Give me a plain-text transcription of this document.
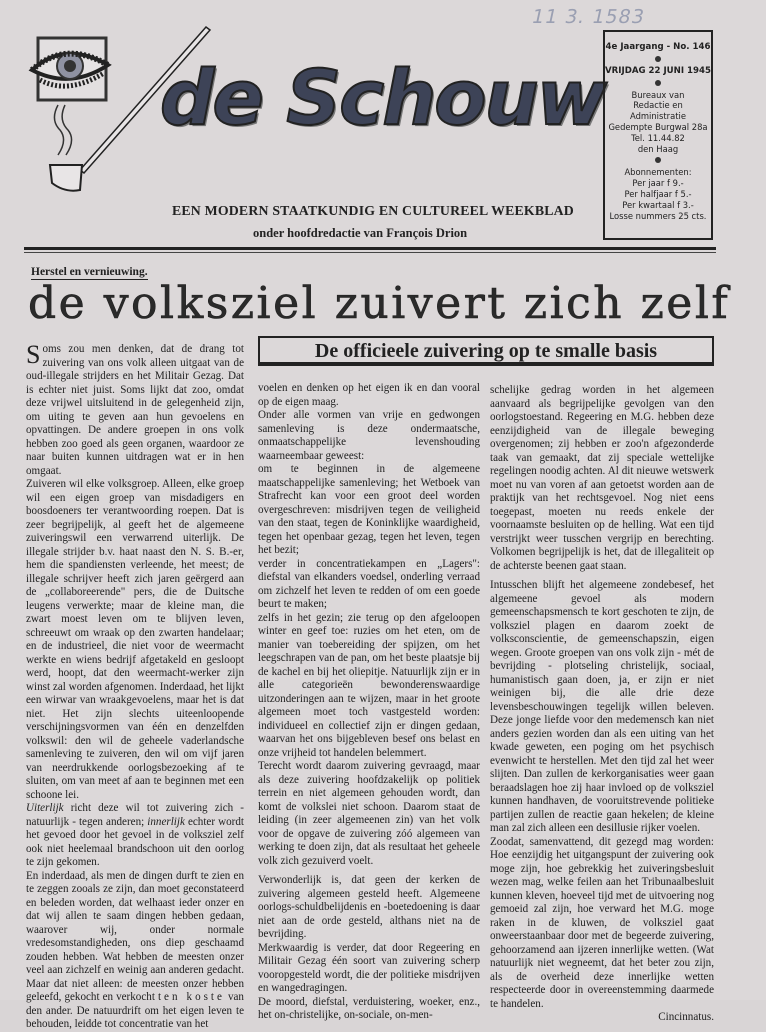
11 3. 1583
de Schouw
EEN MODERN STAATKUNDIG EN CULTUREEL WEEKBLAD
onder hoofdredactie van François Drion
4e Jaargang - No. 146
VRIJDAG 22 JUNI 1945
Bureaux van
Redactie en Administratie
Gedempte Burgwal 28a
Tel. 11.44.82
den Haag
Abonnementen:
Per jaar f 9.-
Per halfjaar f 5.-
Per kwartaal f 3.-
Losse nummers 25 cts.
Herstel en vernieuwing.
de volksziel zuivert zich zelf
De officieele zuivering op te smalle basis

Soms zou men denken, dat de drang tot zuivering van ons volk alleen uitgaat van de oud-illegale strijders en het Militair Gezag. Dat is echter niet juist. Soms lijkt dat zoo, omdat deze vrijwel uitsluitend in de gelegenheid zijn, om uiting te geven aan hun gevoelens en opvattingen. De andere groepen in ons volk hebben zoo goed als geen organen, waardoor ze naar buiten kunnen uitdragen wat er in hen omgaat.

Zuiveren wil elke volksgroep. Alleen, elke groep wil een eigen groep van misdadigers en boosdoeners ter verantwoording roepen. Dat is zeer begrijpelijk, al geeft het de algemeene zuiveringswil een verwarrend uiterlijk. De illegale strijder b.v. haat naast den N. S. B.-er, hem die spandiensten verleende, het meest; de illegale schrijver heeft zich jaren geërgerd aan de „collaboreerende" pers, die de Duitsche leugens verwerkte; maar de kleine man, die zwart moest leven om te blijven leven, schreeuwt om wraak op den zwarten handelaar; en de industrieel, die niet voor de weermacht werkte en wiens bedrijf afgetakeld en gesloopt werd, hoopt, dat den weermacht-werker zijn winst zal worden afgenomen. Inderdaad, het lijkt een wirwar van wraakgevoelens, maar het is dat niet. Het zijn slechts uiteenloopende verschijningsvormen van één en denzelfden volkswil: den wil de geheele vaderlandsche samenleving te zuiveren, den wil om vijf jaren van neerdrukkende oorlogsbezoeking af te sluiten, om van meet af aan te beginnen met een schoone lei.

Uiterlijk richt deze wil tot zuivering zich - natuurlijk - tegen anderen; innerlijk echter wordt het gevoed door het gevoel in de volksziel zelf ook niet heelemaal brandschoon uit den oorlog te zijn gekomen.

En inderdaad, als men de dingen durft te zien en te zeggen zooals ze zijn, dan moet geconstateerd en beleden worden, dat welhaast ieder onzer en dat wij allen te saam dingen hebben gedaan, waarover wij, onder normale vredesomstandigheden, ons diep geschaamd zouden hebben. Wat hebben de meesten onzer veel aan zichzelf en weinig aan anderen gedacht. Maar dat niet alleen: de meesten onzer hebben geleefd, gekocht en verkocht ten koste van den ander. De natuurdrift om het eigen leven te behouden, leidde tot concentratie van het

voelen en denken op het eigen ik en dan vooral op de eigen maag.

Onder alle vormen van vrije en gedwongen samenleving is deze ondermaatsche, onmaatschappelijke levenshouding waarneembaar geweest:

om te beginnen in de algemeene maatschappelijke samenleving; het Wetboek van Strafrecht kan voor een groot deel worden overgeschreven: misdrijven tegen de veiligheid van den staat, tegen de Koninklijke waardigheid, tegen het openbaar gezag, tegen het leven, tegen het bezit;

verder in concentratiekampen en „Lagers": diefstal van elkanders voedsel, onderling verraad om zichzelf het leven te redden of om een goede beurt te maken;

zelfs in het gezin; zie terug op den afgeloopen winter en geef toe: ruzies om het eten, om de manier van toebereiding der spijzen, om het leegschrapen van de pan, om het beste plaatsje bij de kachel en bij het oliepitje. Natuurlijk zijn er in alle categorieën bewonderenswaardige uitzonderingen aan te wijzen, maar in het groote algemeen moet toch vastgesteld worden: individueel en collectief zijn er dingen gedaan, waarvan het ons bijgebleven besef ons belast en onze vrijheid tot handelen belemmert.

Terecht wordt daarom zuivering gevraagd, maar als deze zuivering hoofdzakelijk op politiek terrein en niet algemeen gehouden wordt, dan komt de volkslei niet schoon. Daarom staat de leiding (in zeer algemeenen zin) van het volk voor de opgave de zuivering zóó algemeen van werking te doen zijn, dat als resultaat het geheele volk zich gezuiverd voelt.

Verwonderlijk is, dat geen der kerken de zuivering algemeen gesteld heeft. Algemeene oorlogs-schuldbelijdenis en -boetedoening is daar niet aan de orde gesteld, althans niet na de bevrijding.

Merkwaardig is verder, dat door Regeering en Militair Gezag één soort van zuivering scherp vooropgesteld wordt, die der politieke misdrijven en wangedragingen.

De moord, diefstal, verduistering, woeker, enz., het on-christelijke, on-sociale, on-men-

schelijke gedrag worden in het algemeen aanvaard als begrijpelijke gevolgen van den oorlogstoestand. Regeering en M.G. hebben deze eenzijdigheid van de illegale beweging overgenomen; zij hebben er zoo'n afgezonderde taak van gemaakt, dat zij speciale wettelijke regelingen noodig achten. Al dit nieuwe wetswerk moet nu van voren af aan getoetst worden aan de praktijk van het rechtsgevoel. Nog niet eens toegepast, moeten nu reeds enkele der voornaamste besluiten op de helling. Wat een tijd verstrijkt weer tusschen vergrijp en berechting. Volkomen begrijpelijk is het, dat de illegaliteit op de achterste beenen gaat staan.

Intusschen blijft het algemeene zondebesef, het algemeene gevoel als modern gemeenschapsmensch te kort geschoten te zijn, de volksziel plagen en daarom zoekt de volksconscientie, de gemeenschapszin, eigen wegen. Groote groepen van ons volk zijn - mét de bevrijding - plotseling christelijk, sociaal, humanistisch gaan doen, ja, er zijn er niet weinigen bij, die alle drie deze levensbeschouwingen tegelijk willen beleven. Deze jonge liefde voor den medemensch kan niet anders gezien worden dan als een uiting van het kwade geweten, een poging om het psychisch evenwicht te herstellen. Met den tijd zal het weer slijten. Dan zullen de kerkorganisaties weer gaan beraadslagen hoe zij haar invloed op de volksziel kunnen handhaven, de vooruitstrevende politieke partijen zullen de reactie gaan hekelen; de kleine man zal zich alleen een desillusie rijker voelen.

Zoodat, samenvattend, dit gezegd mag worden: Hoe eenzijdig het uitgangspunt der zuivering ook moge zijn, hoe gebrekkig het zuiveringsbesluit wezen mag, welke feilen aan het Tribunaalbesluit kunnen kleven, hoeveel tijd met de uitvoering nog gemoeid zal zijn, hoe verward het M.G. moge raken in de kluwen, de volksziel gaat onweerstaanbaar door met de begeerde zuivering, gehoorzamend aan ijzeren innerlijke wetten. (Wat natuurlijk niet wegneemt, dat het beter zou zijn, als de overheid deze innerlijke wetten respecteerde door in overeenstemming daarmede te handelen.

Cincinnatus.
